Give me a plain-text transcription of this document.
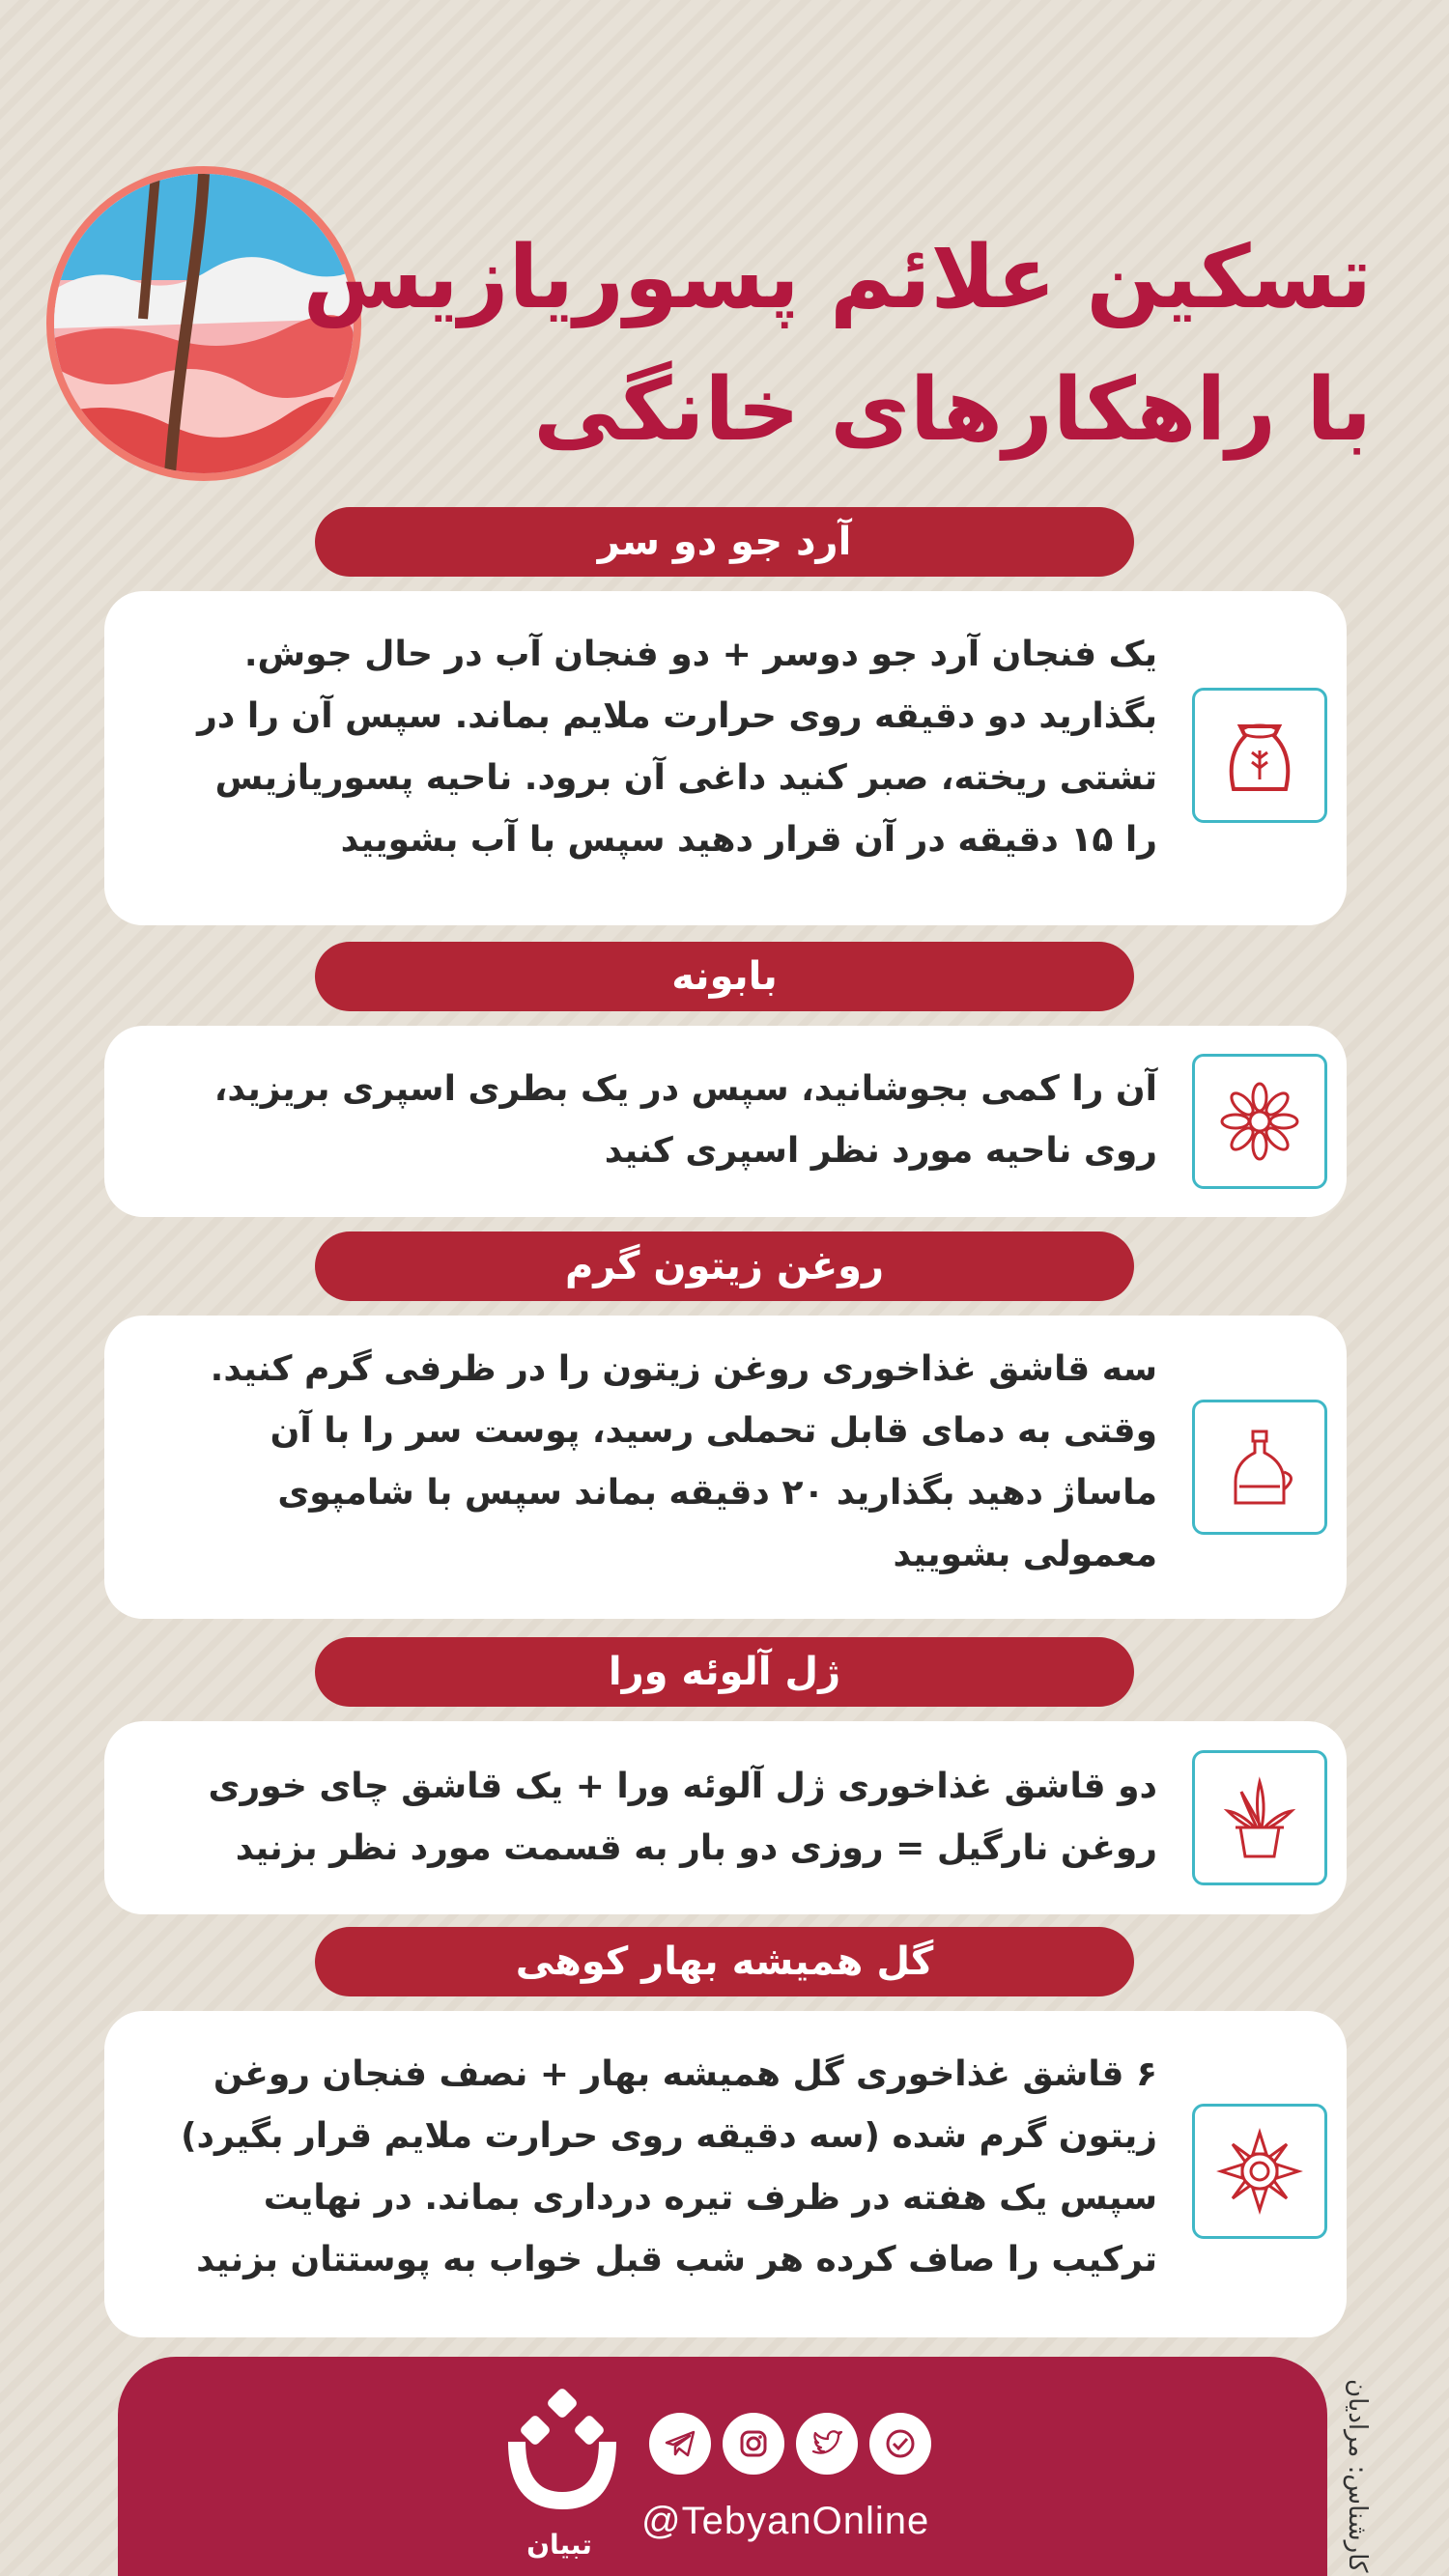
تسکین علائم پسوریازیس
با راهکارهای خانگی
آرد جو دو سر
یک فنجان آرد جو دوسر + دو فنجان آب در حال جوش.
بگذارید دو دقیقه روی حرارت ملایم بماند. سپس آن را در
تشتی ریخته، صبر کنید داغی آن برود. ناحیه پسوریازیس
را ۱۵ دقیقه در آن قرار دهید سپس با آب بشویید
بابونه
آن را کمی بجوشانید، سپس در یک بطری اسپری بریزید،
روی ناحیه مورد نظر اسپری کنید
روغن زیتون گرم
سه قاشق غذاخوری روغن زیتون را در ظرفی گرم کنید.
وقتی به دمای قابل تحملی رسید، پوست سر را با آن
ماساژ دهید بگذارید ۲۰ دقیقه بماند سپس با شامپوی
معمولی بشویید
ژل آلوئه ورا
دو قاشق غذاخوری ژل آلوئه ورا + یک قاشق چای خوری
روغن نارگیل = روزی دو بار به قسمت مورد نظر بزنید
گل همیشه بهار کوهی
۶ قاشق غذاخوری گل همیشه بهار + نصف فنجان روغن
زیتون گرم شده (سه دقیقه روی حرارت ملایم قرار بگیرد)
سپس یک هفته در ظرف تیره درداری بماند. در نهایت
ترکیب را صاف کرده هر شب قبل خواب به پوستتان بزنید
تبیان
@TebyanOnline	کارشناس: مرادیان
